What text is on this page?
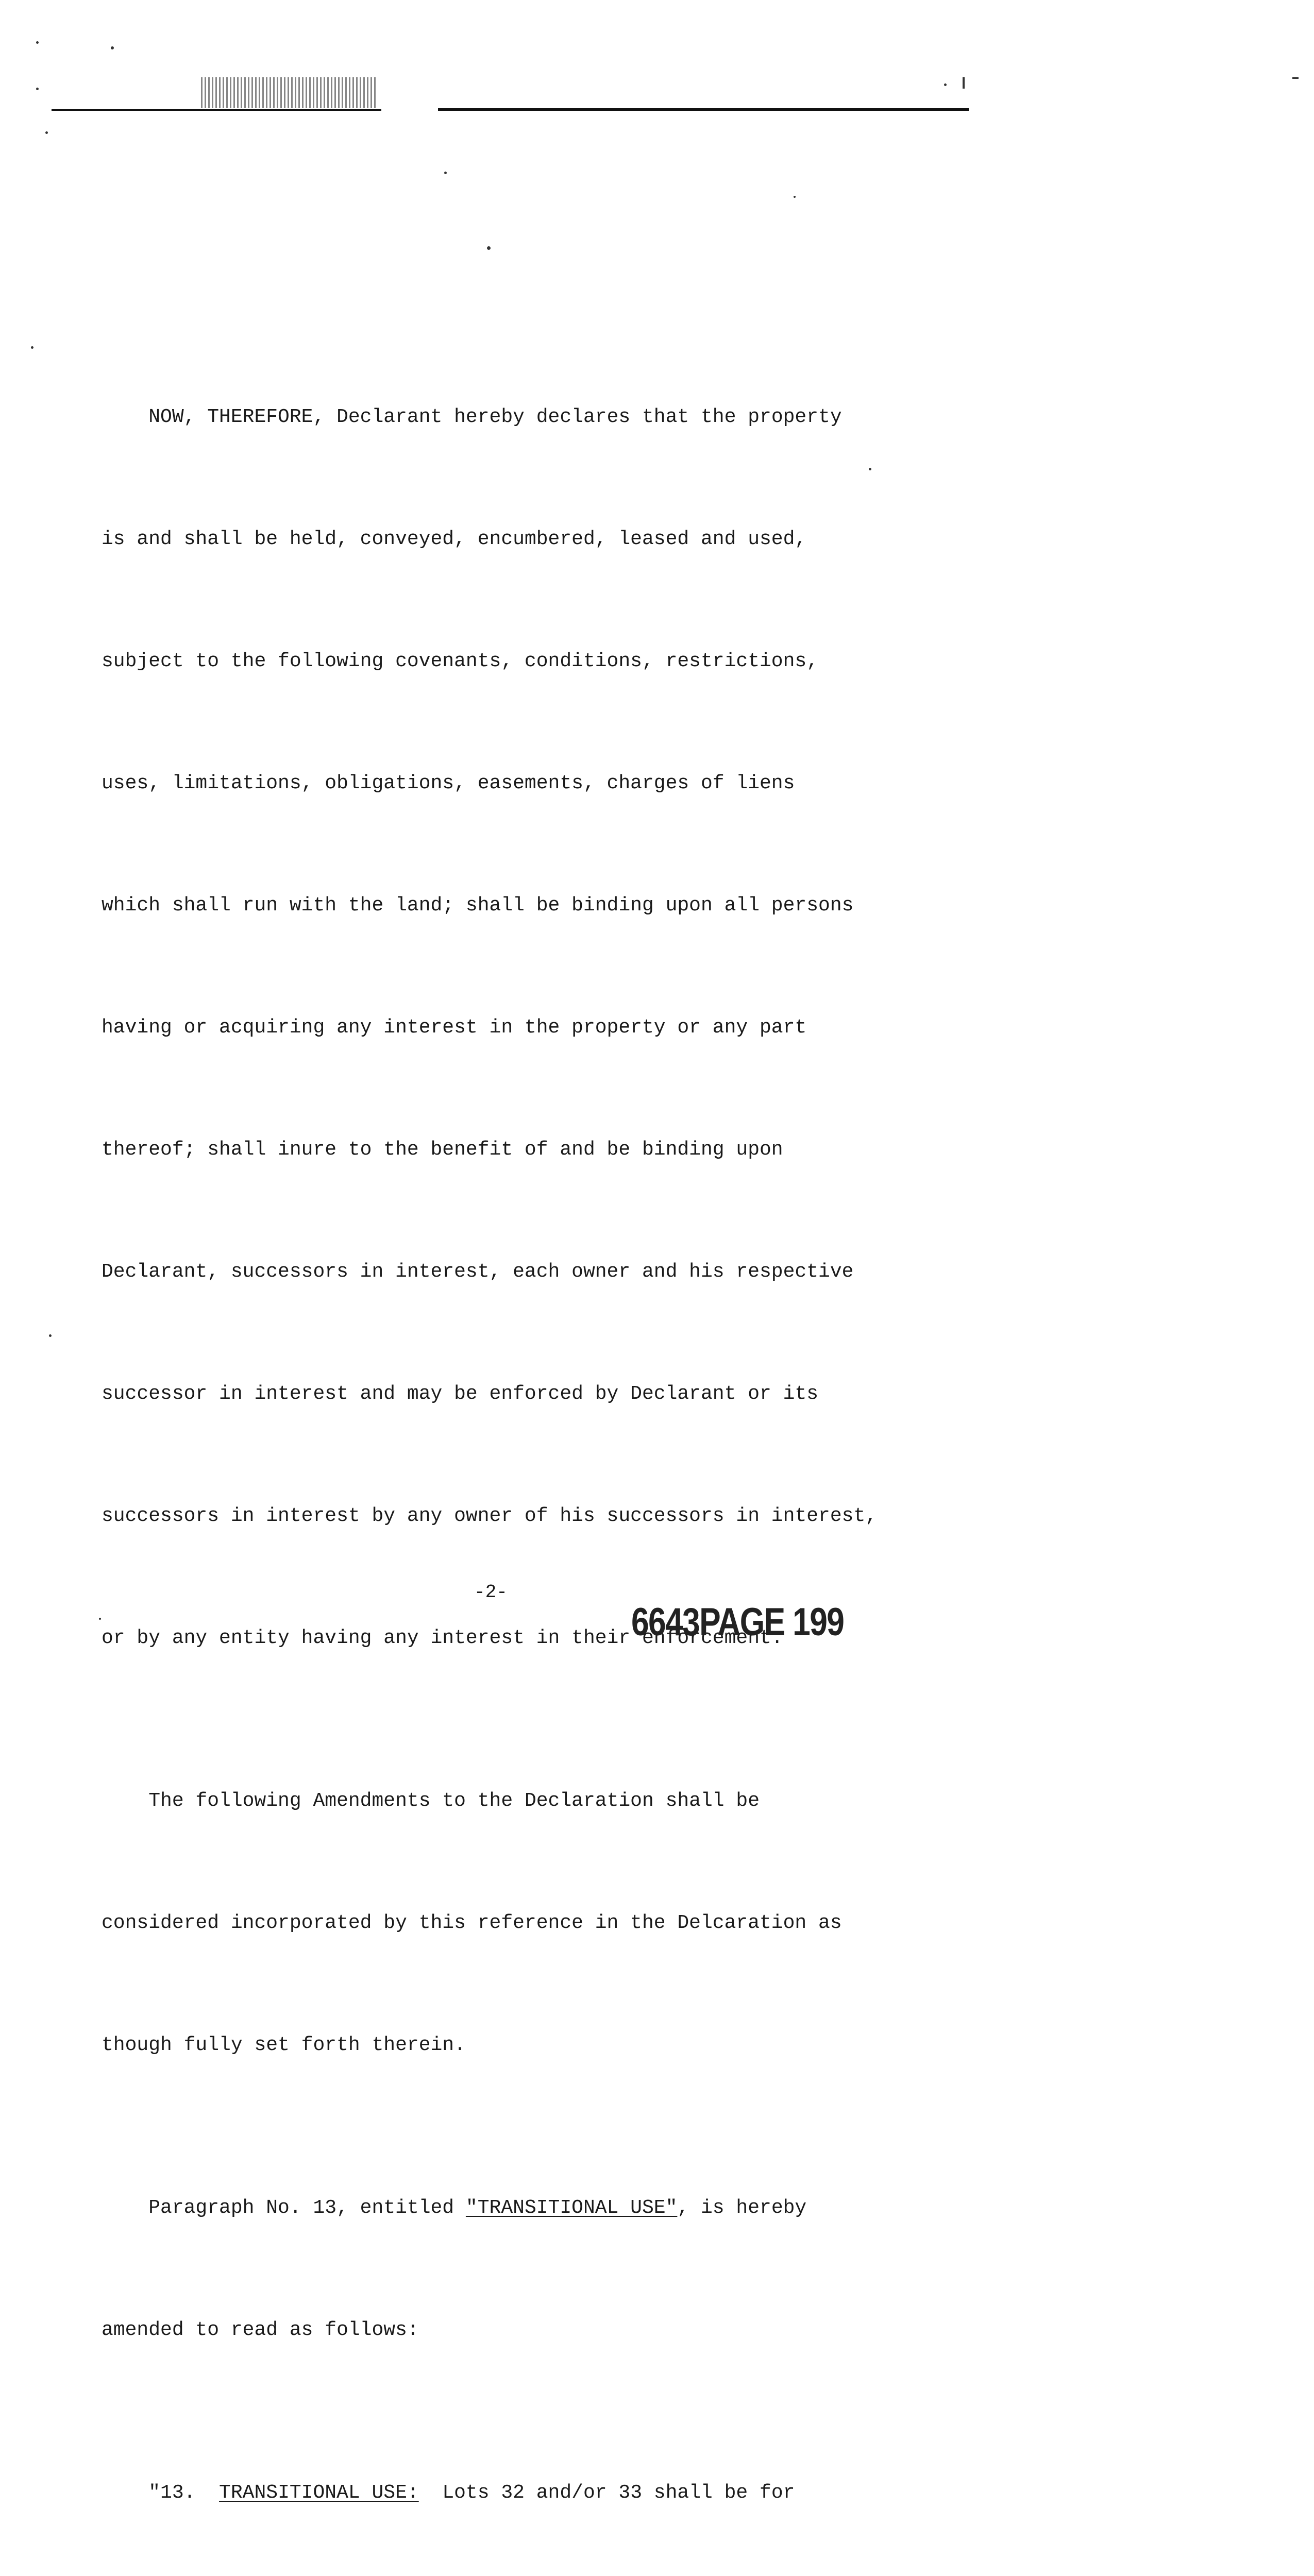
NOW, THEREFORE, Declarant hereby declares that the property

is and shall be held, conveyed, encumbered, leased and used,

subject to the following covenants, conditions, restrictions,

uses, limitations, obligations, easements, charges of liens

which shall run with the land; shall be binding upon all persons

having or acquiring any interest in the property or any part

thereof; shall inure to the benefit of and be binding upon

Declarant, successors in interest, each owner and his respective

successor in interest and may be enforced by Declarant or its

successors in interest by any owner of his successors in interest,

or by any entity having any interest in their enforcement.

The following Amendments to the Declaration shall be

considered incorporated by this reference in the Delcaration as

though fully set forth therein.

Paragraph No. 13, entitled "TRANSITIONAL USE", is hereby

amended to read as follows:

"13. TRANSITIONAL USE: Lots 32 and/or 33 shall be for

-2-
6643PAGE 199
